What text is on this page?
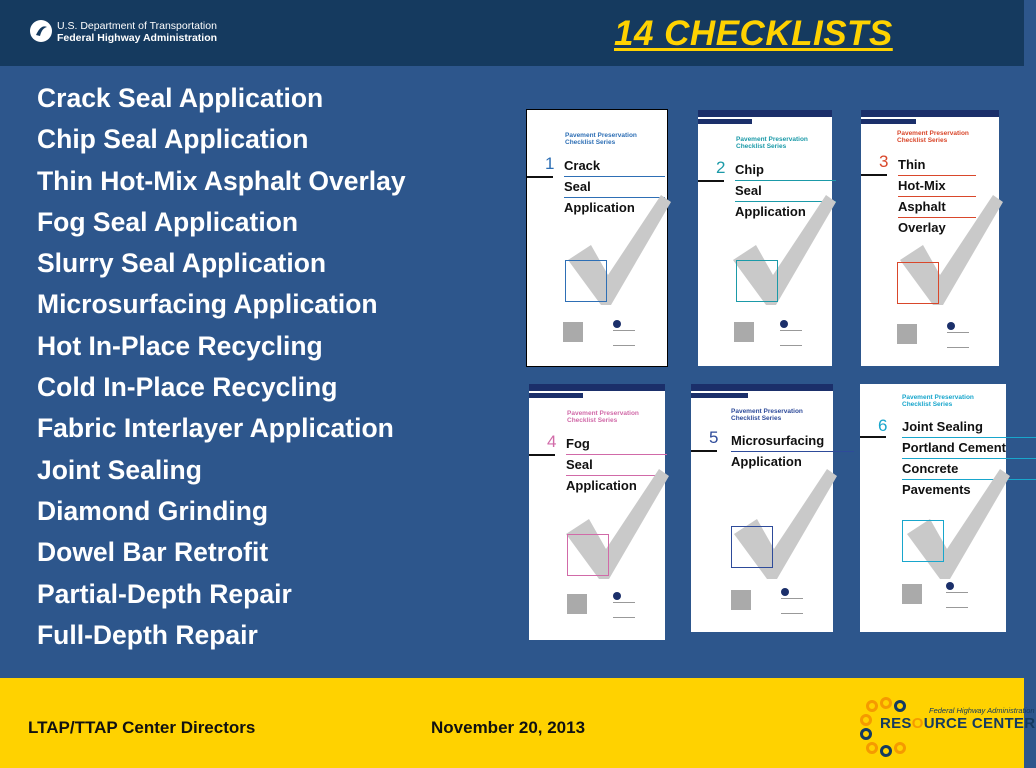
U.S. Department of Transportation
Federal Highway Administration	14 CHECKLISTS
Crack Seal Application
Chip Seal Application
Thin Hot-Mix Asphalt Overlay
Fog Seal Application
Slurry Seal Application
Microsurfacing Application
Hot In-Place Recycling
Cold In-Place Recycling
Fabric Interlayer Application
Joint Sealing
Diamond Grinding
Dowel Bar Retrofit
Partial-Depth Repair
Full-Depth Repair
Pavement Preservation
Checklist Series
1 Crack
Seal
Application
Pavement Preservation
Checklist Series
2 Chip
Seal
Application
Pavement Preservation
Checklist Series
3 Thin
Hot-Mix
Asphalt
Overlay
Pavement Preservation
Checklist Series
4 Fog
Seal
Application
Pavement Preservation
Checklist Series
5 Microsurfacing
Application
Pavement Preservation
Checklist Series
6 Joint Sealing
Portland Cement
Concrete
Pavements
LTAP/TTAP Center Directors	November 20, 2013
Federal Highway Administration
RESOURCE CENTER
